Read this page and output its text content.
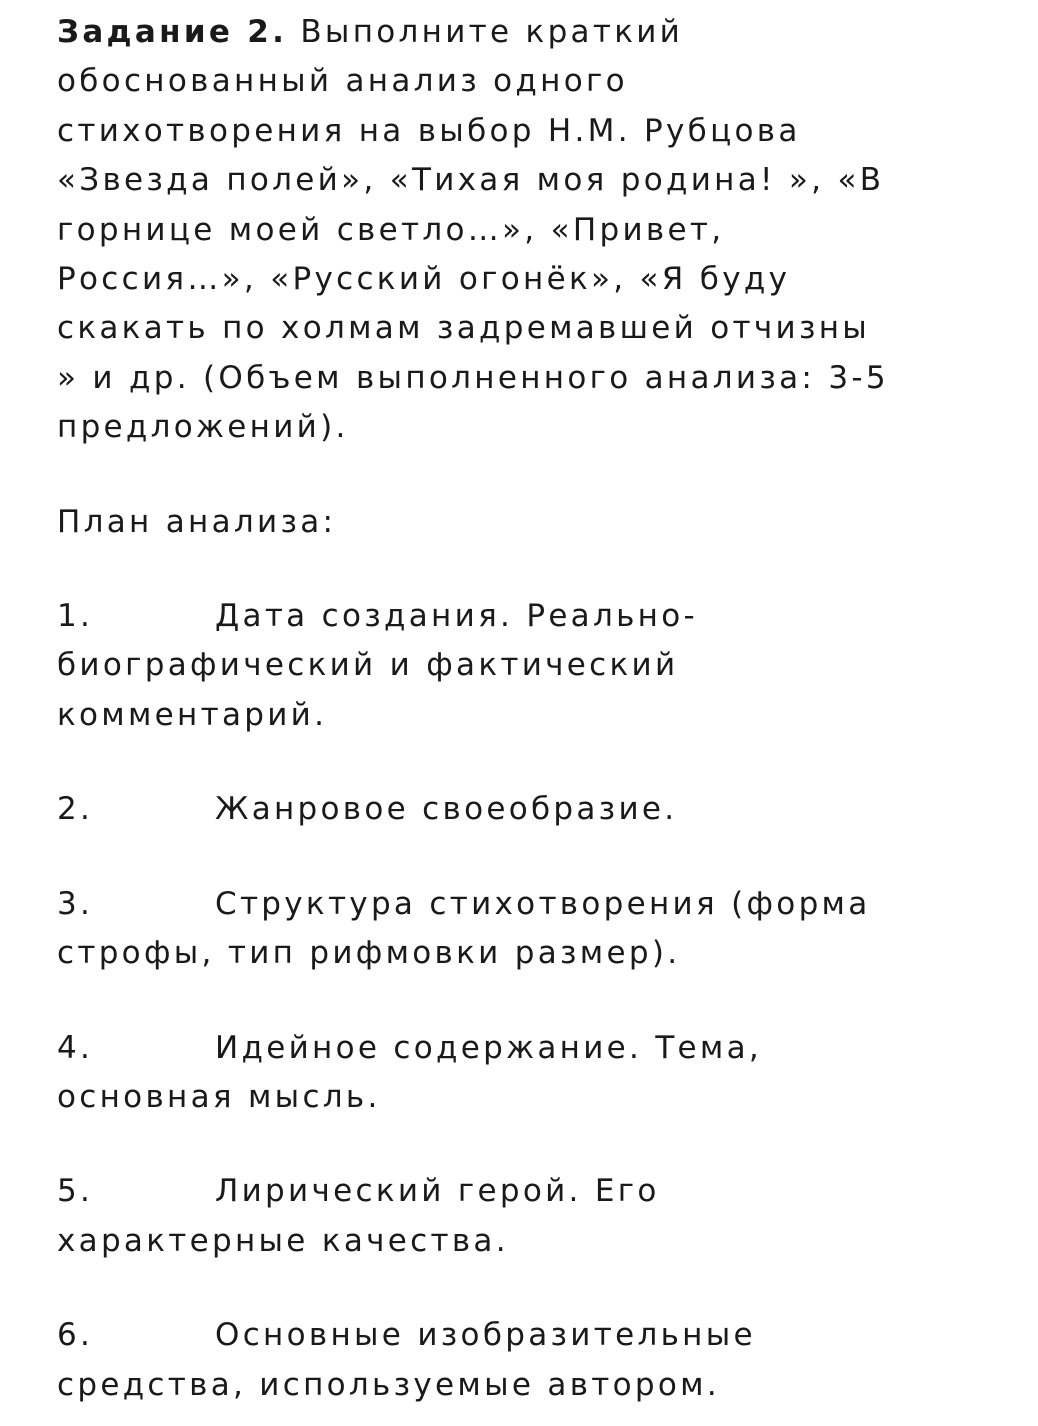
Задание 2. Выполните краткий
обоснованный анализ одного
стихотворения на выбор Н.М. Рубцова
«Звезда полей», «Тихая моя родина! », «В
горнице моей светло…», «Привет,
Россия…», «Русский огонёк», «Я буду
скакать по холмам задремавшей отчизны
» и др. (Объем выполненного анализа: 3-5
предложений).

План анализа:

1.	Дата создания. Реально-
биографический и фактический
комментарий.

2.	Жанровое своеобразие.

3.	Структура стихотворения (форма
строфы, тип рифмовки размер).

4.	Идейное содержание. Тема,
основная мысль.

5.	Лирический герой. Его
характерные качества.

6.	Основные изобразительные
средства, используемые автором.
